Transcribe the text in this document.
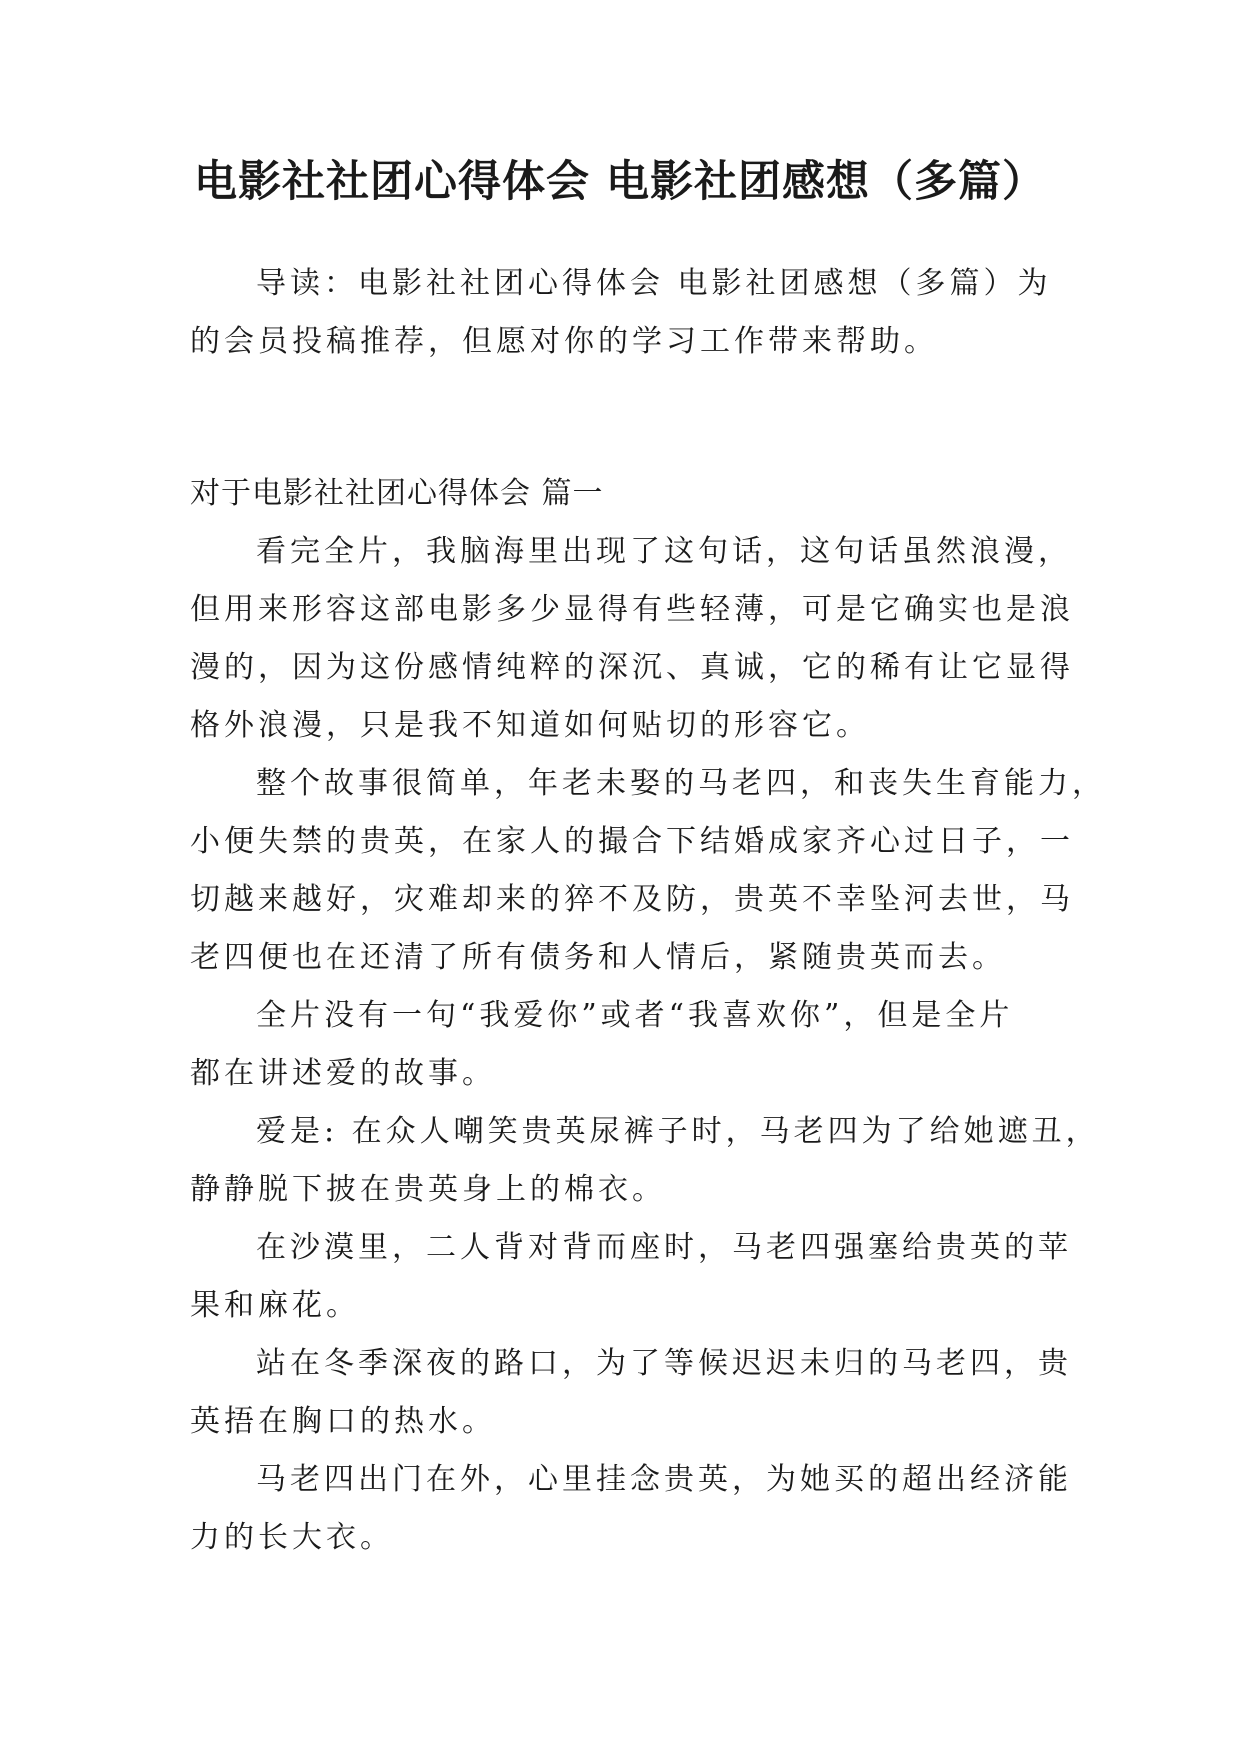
电影社社团心得体会 电影社团感想（多篇）
导读：电影社社团心得体会 电影社团感想（多篇）为
的会员投稿推荐，但愿对你的学习工作带来帮助。
对于电影社社团心得体会 篇一
看完全片，我脑海里出现了这句话，这句话虽然浪漫，
但用来形容这部电影多少显得有些轻薄，可是它确实也是浪
漫的，因为这份感情纯粹的深沉、真诚，它的稀有让它显得
格外浪漫，只是我不知道如何贴切的形容它。
整个故事很简单，年老未娶的马老四，和丧失生育能力，
小便失禁的贵英，在家人的撮合下结婚成家齐心过日子，一
切越来越好，灾难却来的猝不及防，贵英不幸坠河去世，马
老四便也在还清了所有债务和人情后，紧随贵英而去。
全片没有一句“我爱你”或者“我喜欢你”，但是全片
都在讲述爱的故事。
爱是: 在众人嘲笑贵英尿裤子时，马老四为了给她遮丑，
静静脱下披在贵英身上的棉衣。
在沙漠里，二人背对背而座时，马老四强塞给贵英的苹
果和麻花。
站在冬季深夜的路口，为了等候迟迟未归的马老四，贵
英捂在胸口的热水。
马老四出门在外，心里挂念贵英，为她买的超出经济能
力的长大衣。
